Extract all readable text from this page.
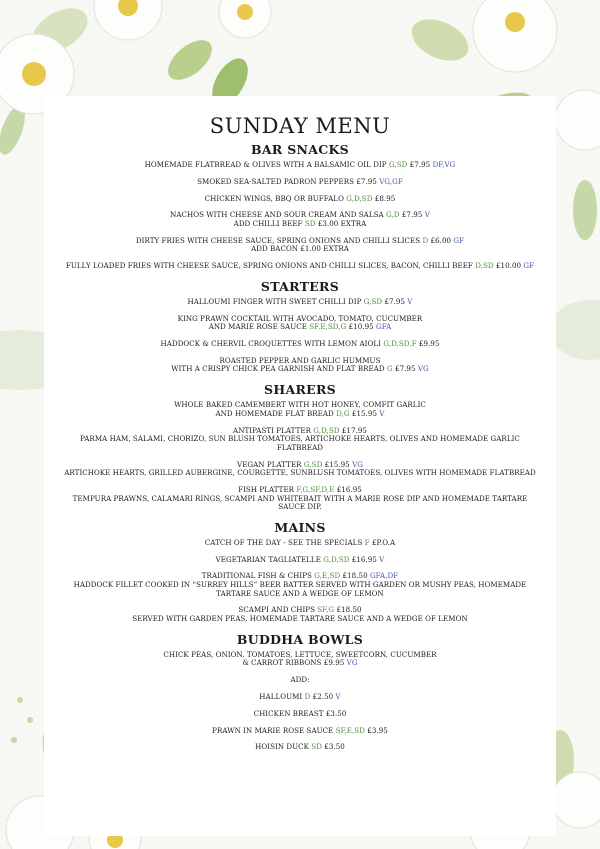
SUNDAY MENU
BAR SNACKS
HOMEMADE FLATBREAD & OLIVES WITH A BALSAMIC OIL DIP G,SD £7.95 DF,VG
SMOKED SEA-SALTED PADRON PEPPERS £7.95 VG,GF
CHICKEN WINGS, BBQ OR BUFFALO G,D,SD £8.95
NACHOS WITH CHEESE AND SOUR CREAM AND SALSA G,D £7.95 V
ADD CHILLI BEEF SD £3.00 EXTRA
DIRTY FRIES WITH CHEESE SAUCE, SPRING ONIONS AND CHILLI SLICES D £6.00 GF
ADD BACON £1.00 EXTRA
FULLY LOADED FRIES WITH CHEESE SAUCE, SPRING ONIONS AND CHILLI SLICES, BACON, CHILLI BEEF D,SD £10.00 GF
STARTERS
HALLOUMI FINGER WITH SWEET CHILLI DIP G,SD £7.95 V
KING PRAWN COCKTAIL WITH AVOCADO, TOMATO, CUCUMBER
AND MARIE ROSE SAUCE SF,E,SD,G £10.95 GFA
HADDOCK & CHERVIL CROQUETTES WITH LEMON AIOLI G,D,SD,F £9.95
ROASTED PEPPER AND GARLIC HUMMUS
WITH A CRISPY CHICK PEA GARNISH AND FLAT BREAD G £7.95 VG
SHARERS
WHOLE BAKED CAMEMBERT WITH HOT HONEY, COMFIT GARLIC
AND HOMEMADE FLAT BREAD D,G £15.95 V
ANTIPASTI PLATTER G,D,SD £17.95
PARMA HAM, SALAMI, CHORIZO, SUN BLUSH TOMATOES, ARTICHOKE HEARTS, OLIVES AND HOMEMADE GARLIC FLATBREAD
VEGAN PLATTER G,SD £15.95 VG
ARTICHOKE HEARTS, GRILLED AUBERGINE, COURGETTE, SUNBLUSH TOMATOES, OLIVES WITH HOMEMADE FLATBREAD
FISH PLATTER F,G,SF,D,E £16.95
TEMPURA PRAWNS, CALAMARI RINGS, SCAMPI AND WHITEBAIT WITH A MARIE ROSE DIP AND HOMEMADE TARTARE SAUCE DIP.
MAINS
CATCH OF THE DAY - SEE THE SPECIALS F £P.O.A
VEGETARIAN TAGLIATELLE G,D,SD £16.95 V
TRADITIONAL FISH & CHIPS G,E,SD £18.50 GFA,DF
HADDOCK FILLET COOKED IN “SURREY HILLS” BEER BATTER SERVED WITH GARDEN OR MUSHY PEAS, HOMEMADE TARTARE SAUCE AND A WEDGE OF LEMON
SCAMPI AND CHIPS SF,G £18.50
SERVED WITH GARDEN PEAS, HOMEMADE TARTARE SAUCE AND A WEDGE OF LEMON
BUDDHA BOWLS
CHICK PEAS, ONION, TOMATOES, LETTUCE, SWEETCORN, CUCUMBER
& CARROT RIBBONS £9.95 VG
ADD:
HALLOUMI D £2.50 V
CHICKEN BREAST £3.50
PRAWN IN MARIE ROSE SAUCE SF,E,SD £3.95
HOISIN DUCK SD £3.50
